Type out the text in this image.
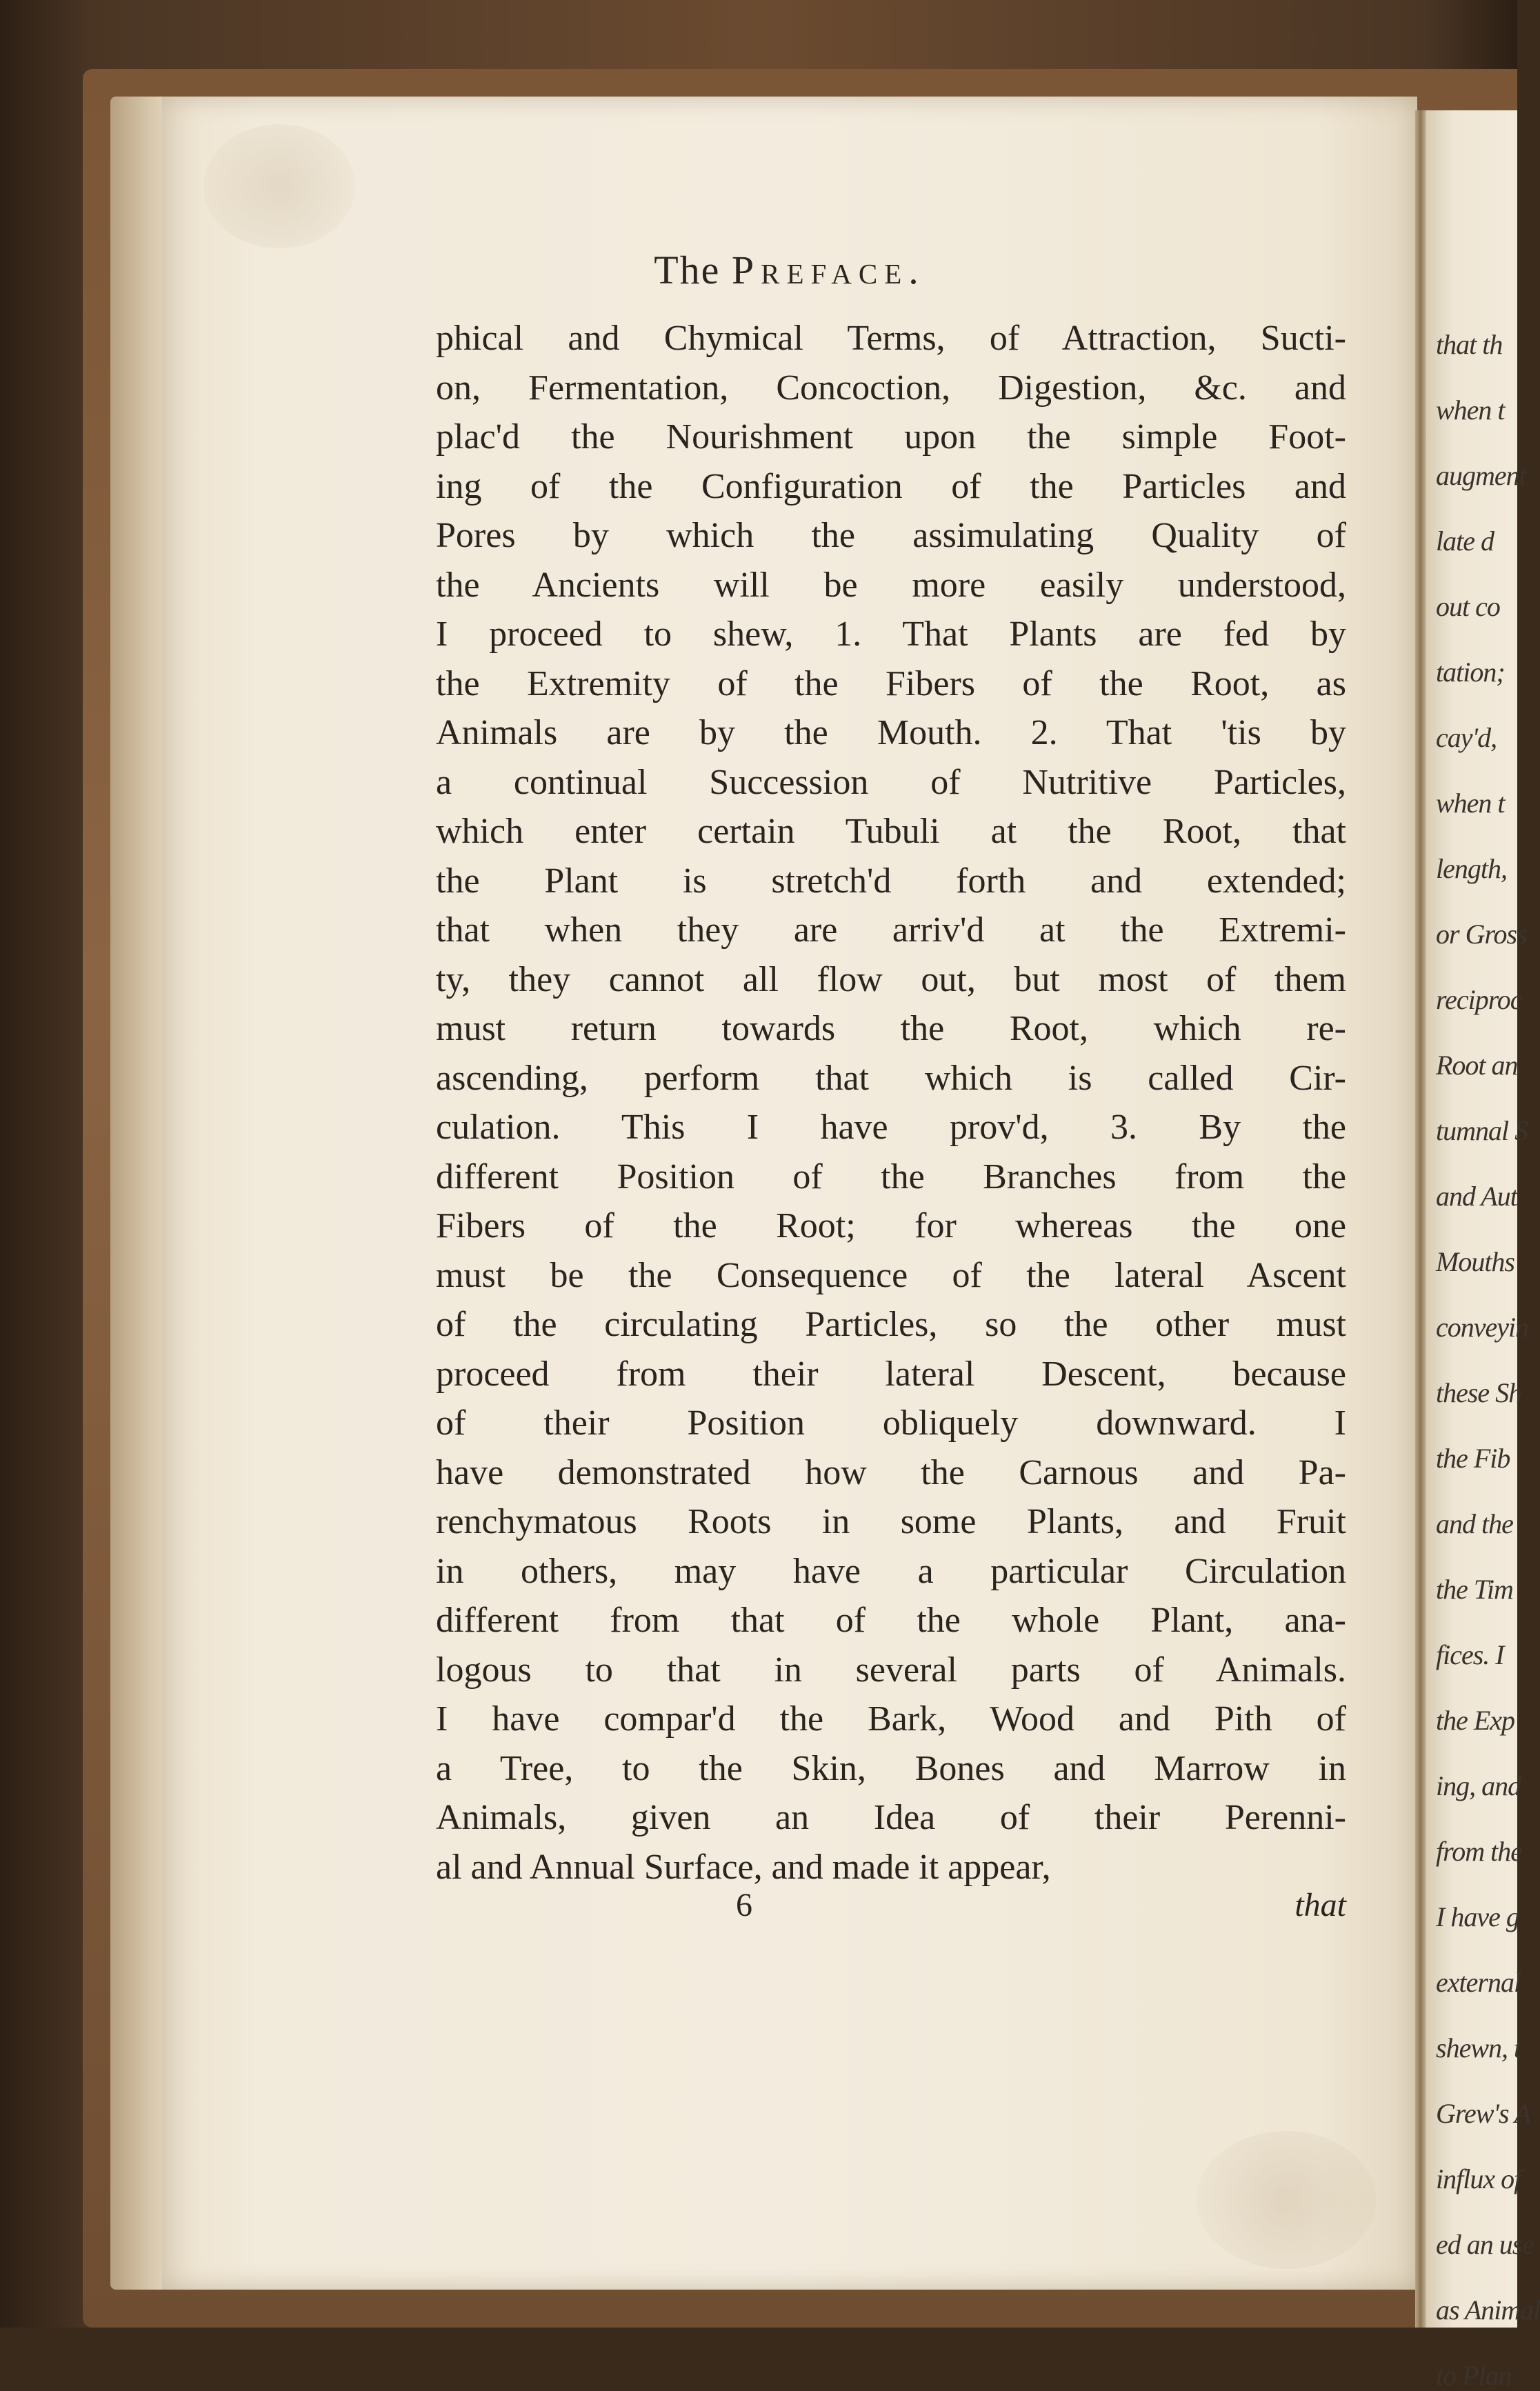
The Preface.
phical and Chymical Terms, of Attraction, Sucti-
on, Fermentation, Concoction, Digestion, &c. and
plac'd the Nourishment upon the simple Foot-
ing of the Configuration of the Particles and
Pores by which the assimulating Quality of
the Ancients will be more easily understood,
I proceed to shew, 1. That Plants are fed by
the Extremity of the Fibers of the Root, as
Animals are by the Mouth. 2. That 'tis by
a continual Succession of Nutritive Particles,
which enter certain Tubuli at the Root, that
the Plant is stretch'd forth and extended;
that when they are arriv'd at the Extremi-
ty, they cannot all flow out, but most of them
must return towards the Root, which re-
ascending, perform that which is called Cir-
culation. This I have prov'd, 3. By the
different Position of the Branches from the
Fibers of the Root; for whereas the one
must be the Consequence of the lateral Ascent
of the circulating Particles, so the other must
proceed from their lateral Descent, because
of their Position obliquely downward. I
have demonstrated how the Carnous and Pa-
renchymatous Roots in some Plants, and Fruit
in others, may have a particular Circulation
different from that of the whole Plant, ana-
logous to that in several parts of Animals.
I have compar'd the Bark, Wood and Pith of
a Tree, to the Skin, Bones and Marrow in
Animals, given an Idea of their Perenni-
al and Annual Surface, and made it appear,
6	that
that th
when t
augment
late d
out co
tation;
cay'd,
when t
length,
or Gross
reciproc
Root an
tumnal S
and Aut
Mouths
conveyin
these Sh
the Fib
and the
the Tim
fices. I
the Exp
ing, and
from the
I have g
external
shewn, t
Grew's A
influx of
ed an use
as Animal
to Plan
